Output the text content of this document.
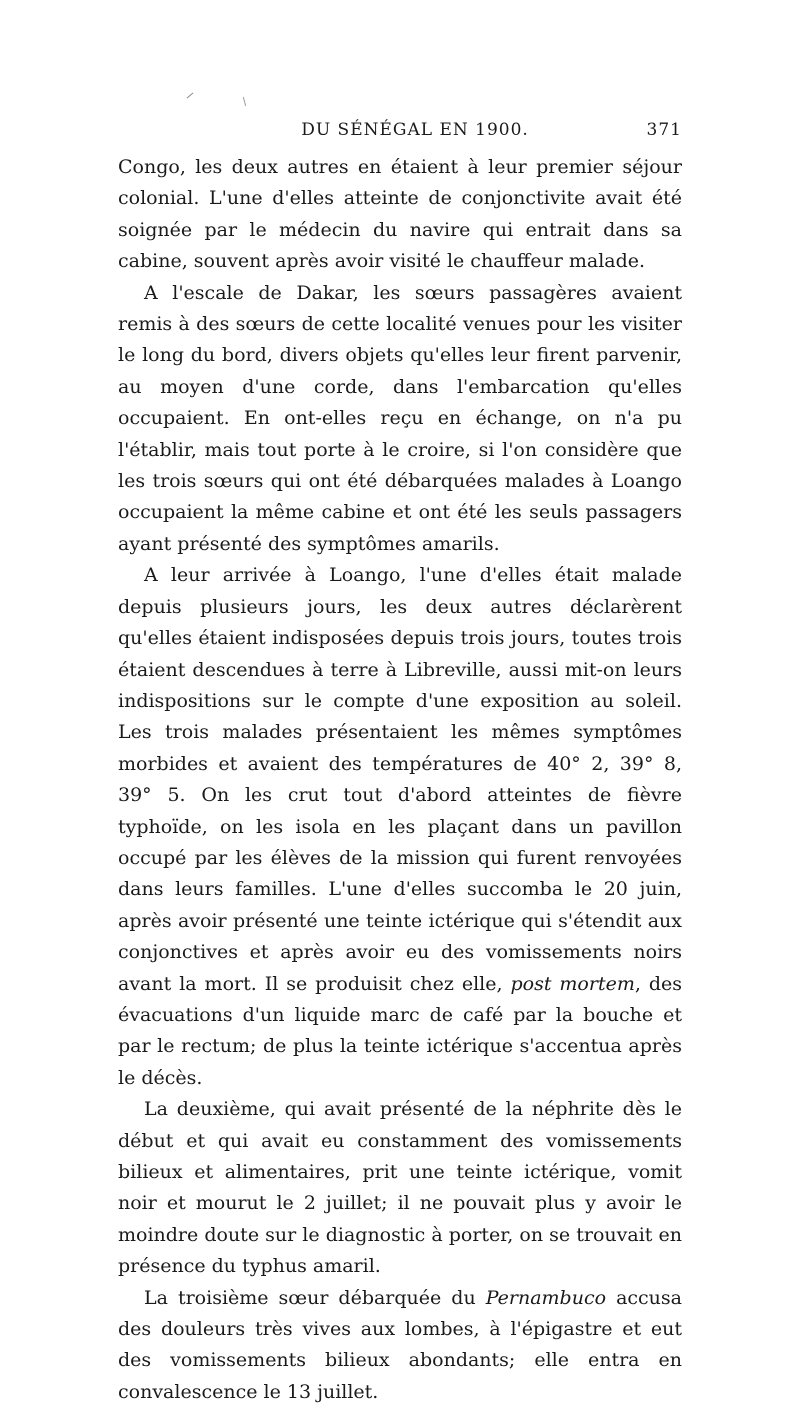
DU SÉNÉGAL EN 1900.	371

Congo, les deux autres en étaient à leur premier séjour colonial. L'une d'elles atteinte de conjonctivite avait été soignée par le médecin du navire qui entrait dans sa cabine, souvent après avoir visité le chauffeur malade.

A l'escale de Dakar, les sœurs passagères avaient remis à des sœurs de cette localité venues pour les visiter le long du bord, divers objets qu'elles leur firent parvenir, au moyen d'une corde, dans l'embarcation qu'elles occupaient. En ont-elles reçu en échange, on n'a pu l'établir, mais tout porte à le croire, si l'on considère que les trois sœurs qui ont été débarquées malades à Loango occupaient la même cabine et ont été les seuls passagers ayant présenté des symptômes amarils.

A leur arrivée à Loango, l'une d'elles était malade depuis plusieurs jours, les deux autres déclarèrent qu'elles étaient indisposées depuis trois jours, toutes trois étaient descendues à terre à Libreville, aussi mit-on leurs indispositions sur le compte d'une exposition au soleil. Les trois malades présentaient les mêmes symptômes morbides et avaient des températures de 40° 2, 39° 8, 39° 5. On les crut tout d'abord atteintes de fièvre typhoïde, on les isola en les plaçant dans un pavillon occupé par les élèves de la mission qui furent renvoyées dans leurs familles. L'une d'elles succomba le 20 juin, après avoir présenté une teinte ictérique qui s'étendit aux conjonctives et après avoir eu des vomissements noirs avant la mort. Il se produisit chez elle, post mortem, des évacuations d'un liquide marc de café par la bouche et par le rectum; de plus la teinte ictérique s'accentua après le décès.

La deuxième, qui avait présenté de la néphrite dès le début et qui avait eu constamment des vomissements bilieux et alimentaires, prit une teinte ictérique, vomit noir et mourut le 2 juillet; il ne pouvait plus y avoir le moindre doute sur le diagnostic à porter, on se trouvait en présence du typhus amaril.

La troisième sœur débarquée du Pernambuco accusa des douleurs très vives aux lombes, à l'épigastre et eut des vomissements bilieux abondants; elle entra en convalescence le 13 juillet.
